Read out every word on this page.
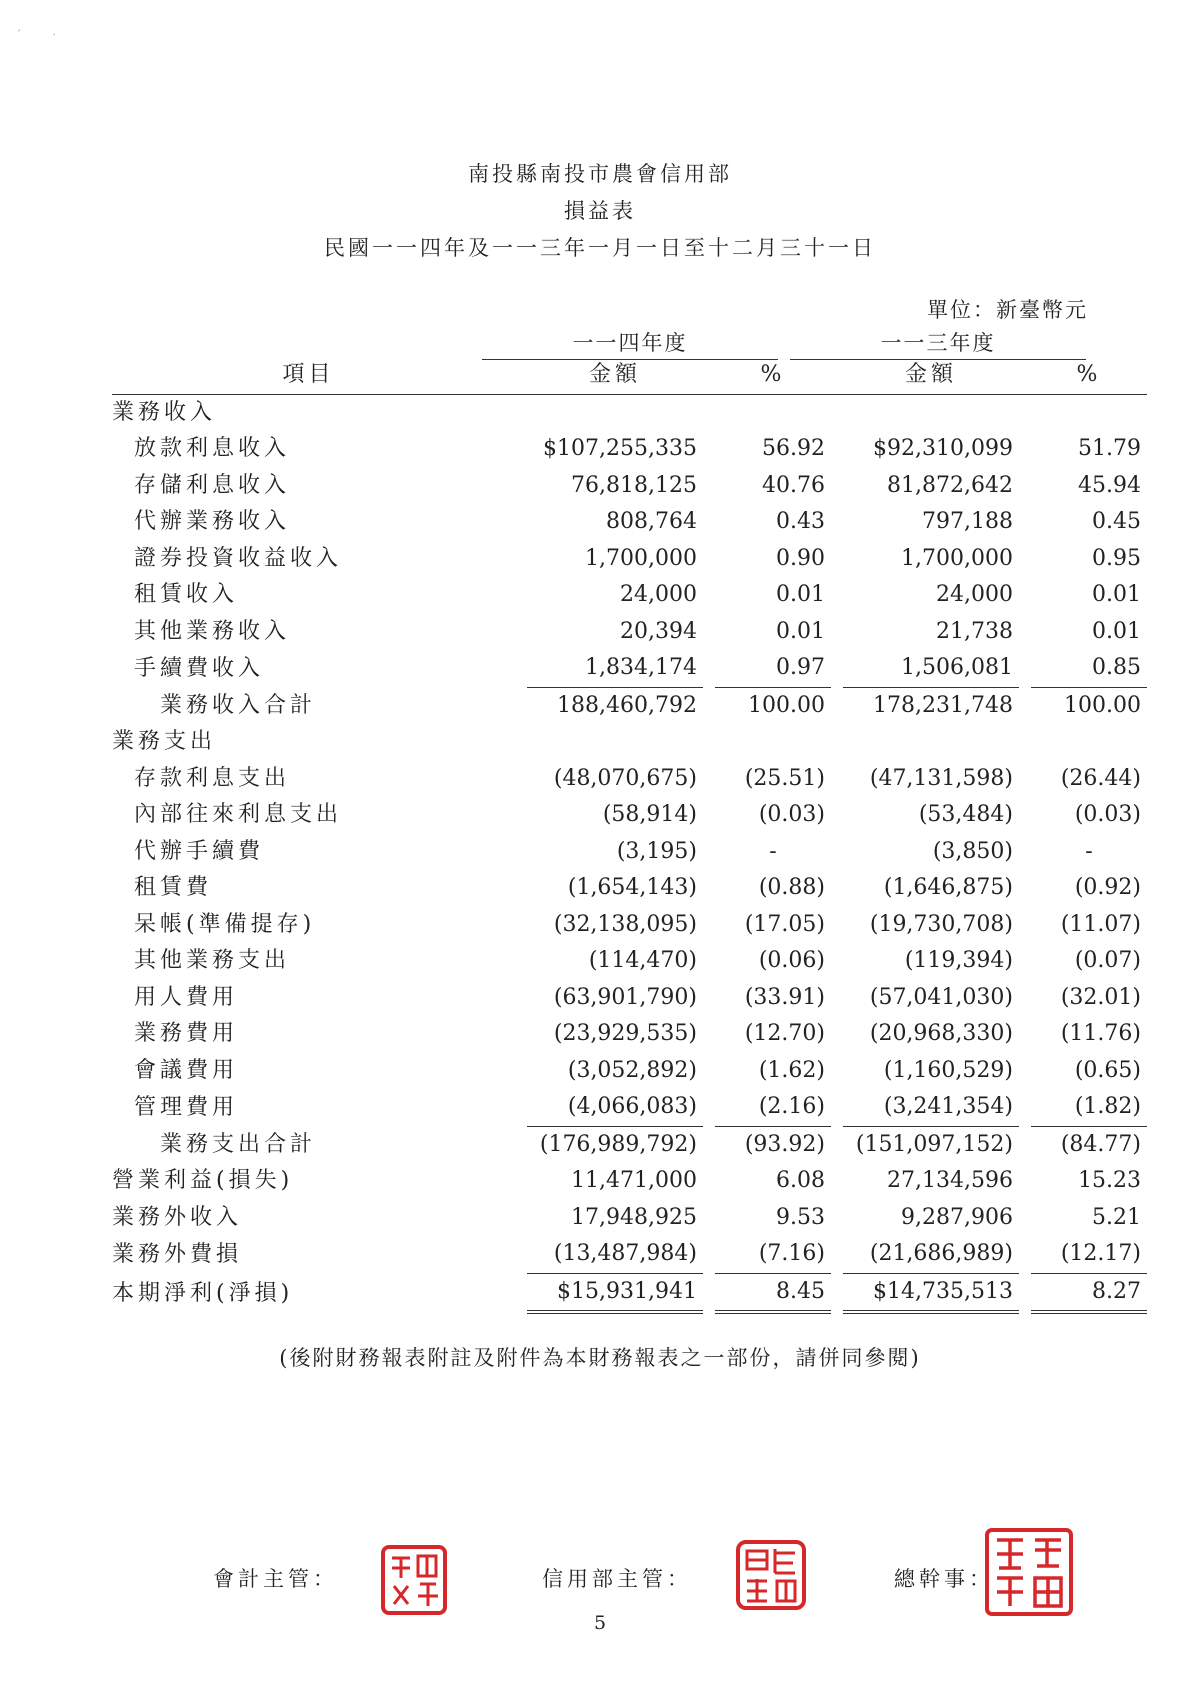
´          ·
南投縣南投市農會信用部
損益表
民國一一四年及一一三年一月一日至十二月三十一日
單位：新臺幣元
一一四年度	一一三年度
項目		金額		%		金額		%
業務收入								
放款利息收入		$107,255,335		56.92		$92,310,099		51.79
存儲利息收入		76,818,125		40.76		81,872,642		45.94
代辦業務收入		808,764		0.43		797,188		0.45
證券投資收益收入		1,700,000		0.90		1,700,000		0.95
租賃收入		24,000		0.01		24,000		0.01
其他業務收入		20,394		0.01		21,738		0.01
手續費收入		1,834,174		0.97		1,506,081		0.85
業務收入合計		188,460,792		100.00		178,231,748		100.00
業務支出								
存款利息支出		(48,070,675)		(25.51)		(47,131,598)		(26.44)
內部往來利息支出		(58,914)		(0.03)		(53,484)		(0.03)
代辦手續費		(3,195)		-		(3,850)		-
租賃費		(1,654,143)		(0.88)		(1,646,875)		(0.92)
呆帳(準備提存)		(32,138,095)		(17.05)		(19,730,708)		(11.07)
其他業務支出		(114,470)		(0.06)		(119,394)		(0.07)
用人費用		(63,901,790)		(33.91)		(57,041,030)		(32.01)
業務費用		(23,929,535)		(12.70)		(20,968,330)		(11.76)
會議費用		(3,052,892)		(1.62)		(1,160,529)		(0.65)
管理費用		(4,066,083)		(2.16)		(3,241,354)		(1.82)
業務支出合計		(176,989,792)		(93.92)		(151,097,152)		(84.77)
營業利益(損失)		11,471,000		6.08		27,134,596		15.23
業務外收入		17,948,925		9.53		9,287,906		5.21
業務外費損		(13,487,984)		(7.16)		(21,686,989)		(12.17)
本期淨利(淨損)		$15,931,941		8.45		$14,735,513		8.27
(後附財務報表附註及附件為本財務報表之一部份，請併同參閱)
會計主管：	信用部主管：	總幹事：
5
